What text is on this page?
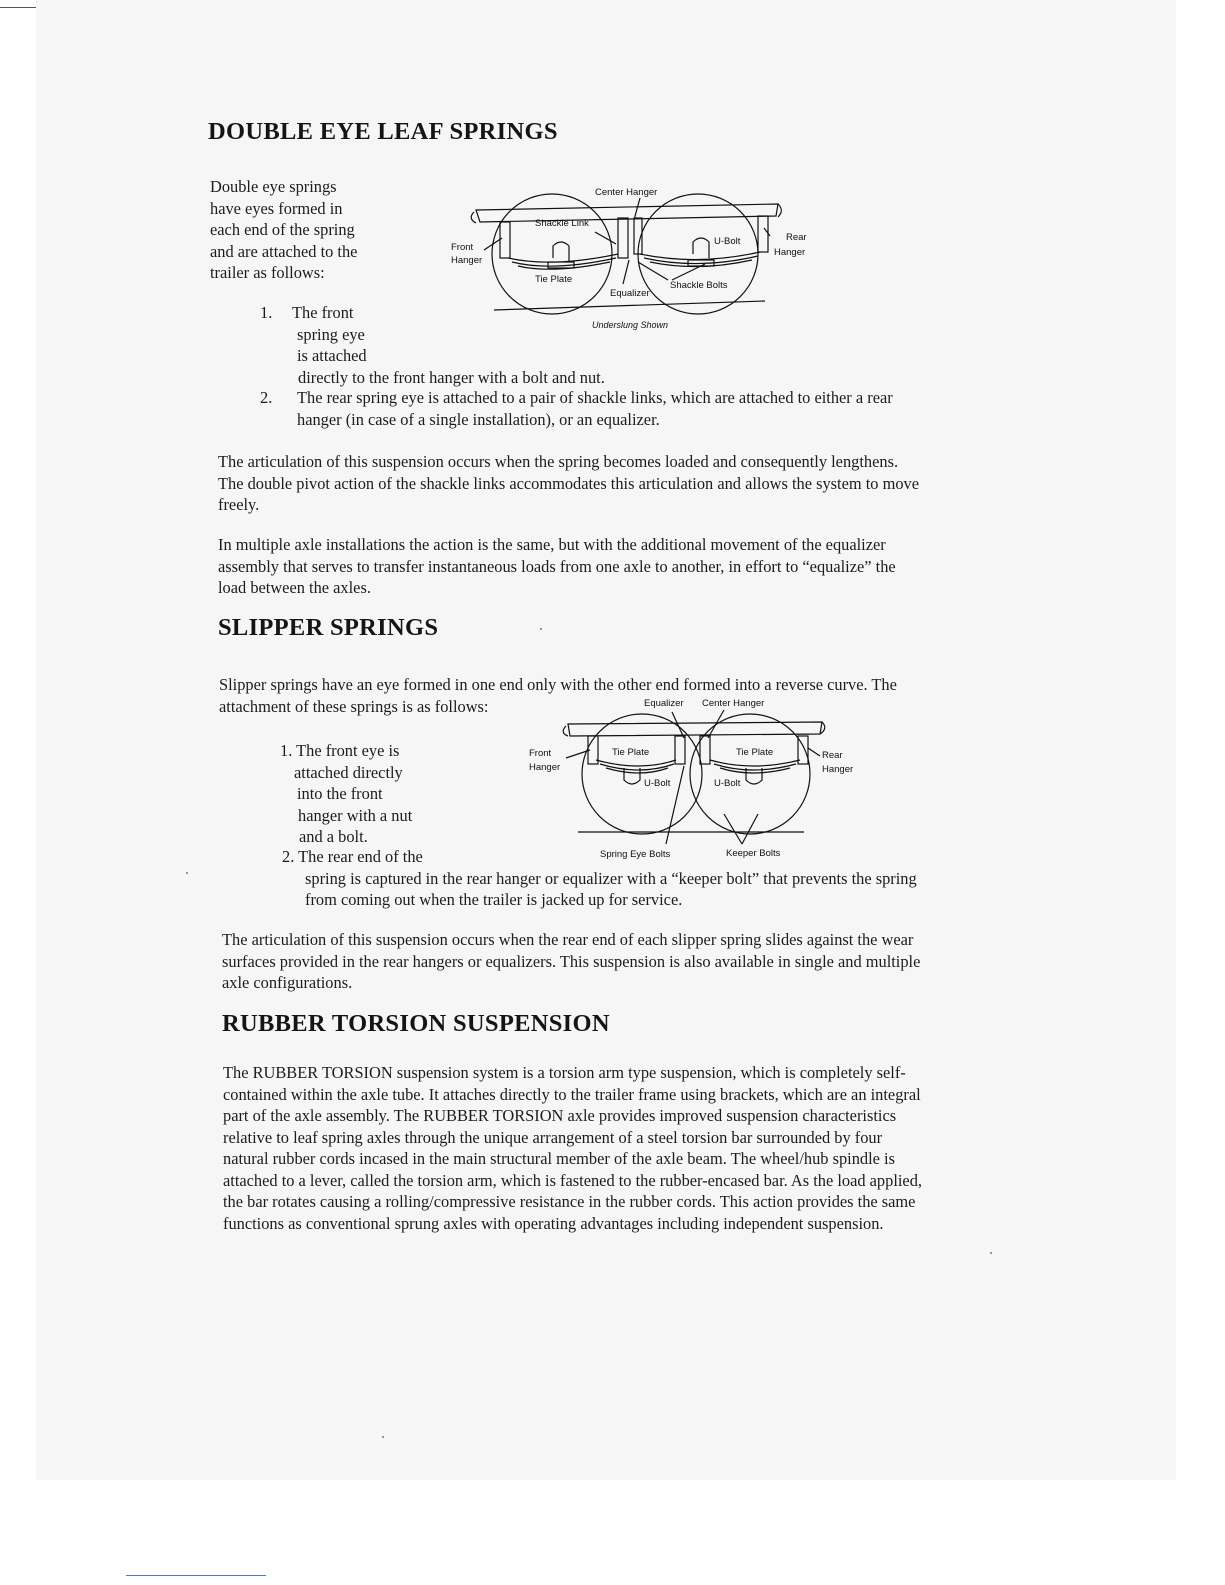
DOUBLE EYE LEAF SPRINGS
Double eye springs
have eyes formed in
each end of the spring
and are attached to the
trailer as follows:
1. The front
spring eye
is attached
directly to the front hanger with a bolt and nut.
2. The rear spring eye is attached to a pair of shackle links, which are attached to either a rear
hanger (in case of a single installation), or an equalizer.
The articulation of this suspension occurs when the spring becomes loaded and consequently lengthens.
The double pivot action of the shackle links accommodates this articulation and allows the system to move
freely.
In multiple axle installations the action is the same, but with the additional movement of the equalizer
assembly that serves to transfer instantaneous loads from one axle to another, in effort to “equalize” the
load between the axles.
Center Hanger
Shackle Link
U-Bolt	Rear
Hanger
Front
Hanger
Tie Plate
Equalizer
Shackle Bolts
Underslung Shown
SLIPPER SPRINGS
Slipper springs have an eye formed in one end only with the other end formed into a reverse curve. The
attachment of these springs is as follows:
1. The front eye is
attached directly
into the front
hanger with a nut
and a bolt.
2. The rear end of the
spring is captured in the rear hanger or equalizer with a “keeper bolt” that prevents the spring
from coming out when the trailer is jacked up for service.
The articulation of this suspension occurs when the rear end of each slipper spring slides against the wear
surfaces provided in the rear hangers or equalizers. This suspension is also available in single and multiple
axle configurations.
Equalizer Center Hanger
Front
Hanger
Tie Plate	Tie Plate	Rear
Hanger
U-Bolt	U-Bolt
Spring Eye Bolts	Keeper Bolts
RUBBER TORSION SUSPENSION
The RUBBER TORSION suspension system is a torsion arm type suspension, which is completely self-
contained within the axle tube. It attaches directly to the trailer frame using brackets, which are an integral
part of the axle assembly. The RUBBER TORSION axle provides improved suspension characteristics
relative to leaf spring axles through the unique arrangement of a steel torsion bar surrounded by four
natural rubber cords incased in the main structural member of the axle beam. The wheel/hub spindle is
attached to a lever, called the torsion arm, which is fastened to the rubber-encased bar. As the load applied,
the bar rotates causing a rolling/compressive resistance in the rubber cords. This action provides the same
functions as conventional sprung axles with operating advantages including independent suspension.
